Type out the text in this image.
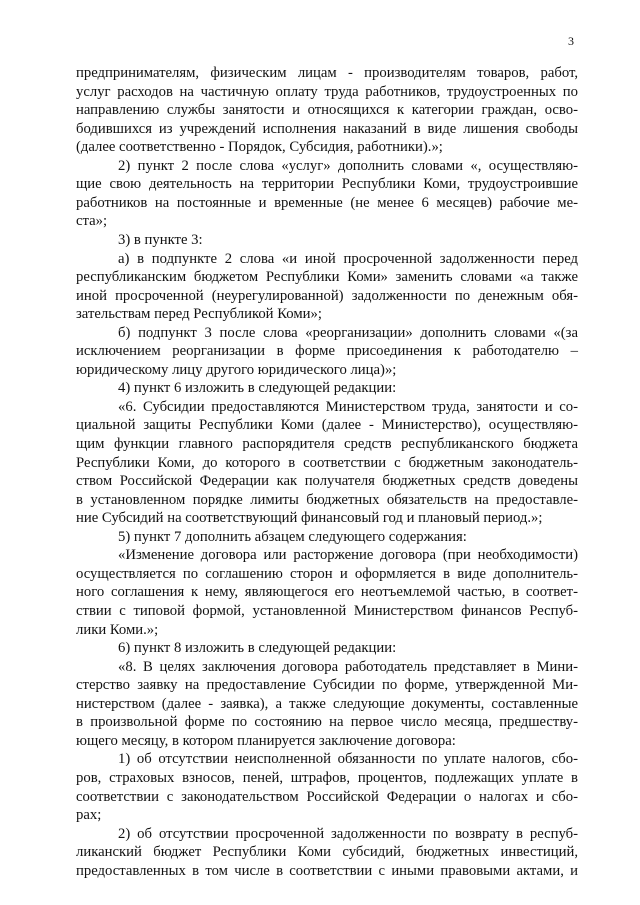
3
предпринимателям, физическим лицам - производителям товаров, работ,
услуг расходов на частичную оплату труда работников, трудоустроенных по
направлению службы занятости и относящихся к категории граждан, осво-
бодившихся из учреждений исполнения наказаний в виде лишения свободы
(далее соответственно - Порядок, Субсидия, работники).»;
2) пункт 2 после слова «услуг» дополнить словами «, осуществляю-
щие свою деятельность на территории Республики Коми, трудоустроившие
работников на постоянные и временные (не менее 6 месяцев) рабочие ме-
ста»;
3) в пункте 3:
а) в подпункте 2 слова «и иной просроченной задолженности перед
республиканским бюджетом Республики Коми» заменить словами «а также
иной просроченной (неурегулированной) задолженности по денежным обя-
зательствам перед Республикой Коми»;
б) подпункт 3 после слова «реорганизации» дополнить словами «(за
исключением реорганизации в форме присоединения к работодателю –
юридическому лицу другого юридического лица)»;
4) пункт 6 изложить в следующей редакции:
«6. Субсидии предоставляются Министерством труда, занятости и со-
циальной защиты Республики Коми (далее - Министерство), осуществляю-
щим функции главного распорядителя средств республиканского бюджета
Республики Коми, до которого в соответствии с бюджетным законодатель-
ством Российской Федерации как получателя бюджетных средств доведены
в установленном порядке лимиты бюджетных обязательств на предоставле-
ние Субсидий на соответствующий финансовый год и плановый период.»;
5) пункт 7 дополнить абзацем следующего содержания:
«Изменение договора или расторжение договора (при необходимости)
осуществляется по соглашению сторон и оформляется в виде дополнитель-
ного соглашения к нему, являющегося его неотъемлемой частью, в соответ-
ствии с типовой формой, установленной Министерством финансов Респуб-
лики Коми.»;
6) пункт 8 изложить в следующей редакции:
«8. В целях заключения договора работодатель представляет в Мини-
стерство заявку на предоставление Субсидии по форме, утвержденной Ми-
нистерством (далее - заявка), а также следующие документы, составленные
в произвольной форме по состоянию на первое число месяца, предшеству-
ющего месяцу, в котором планируется заключение договора:
1) об отсутствии неисполненной обязанности по уплате налогов, сбо-
ров, страховых взносов, пеней, штрафов, процентов, подлежащих уплате в
соответствии с законодательством Российской Федерации о налогах и сбо-
рах;
2) об отсутствии просроченной задолженности по возврату в респуб-
ликанский бюджет Республики Коми субсидий, бюджетных инвестиций,
предоставленных в том числе в соответствии с иными правовыми актами, и
